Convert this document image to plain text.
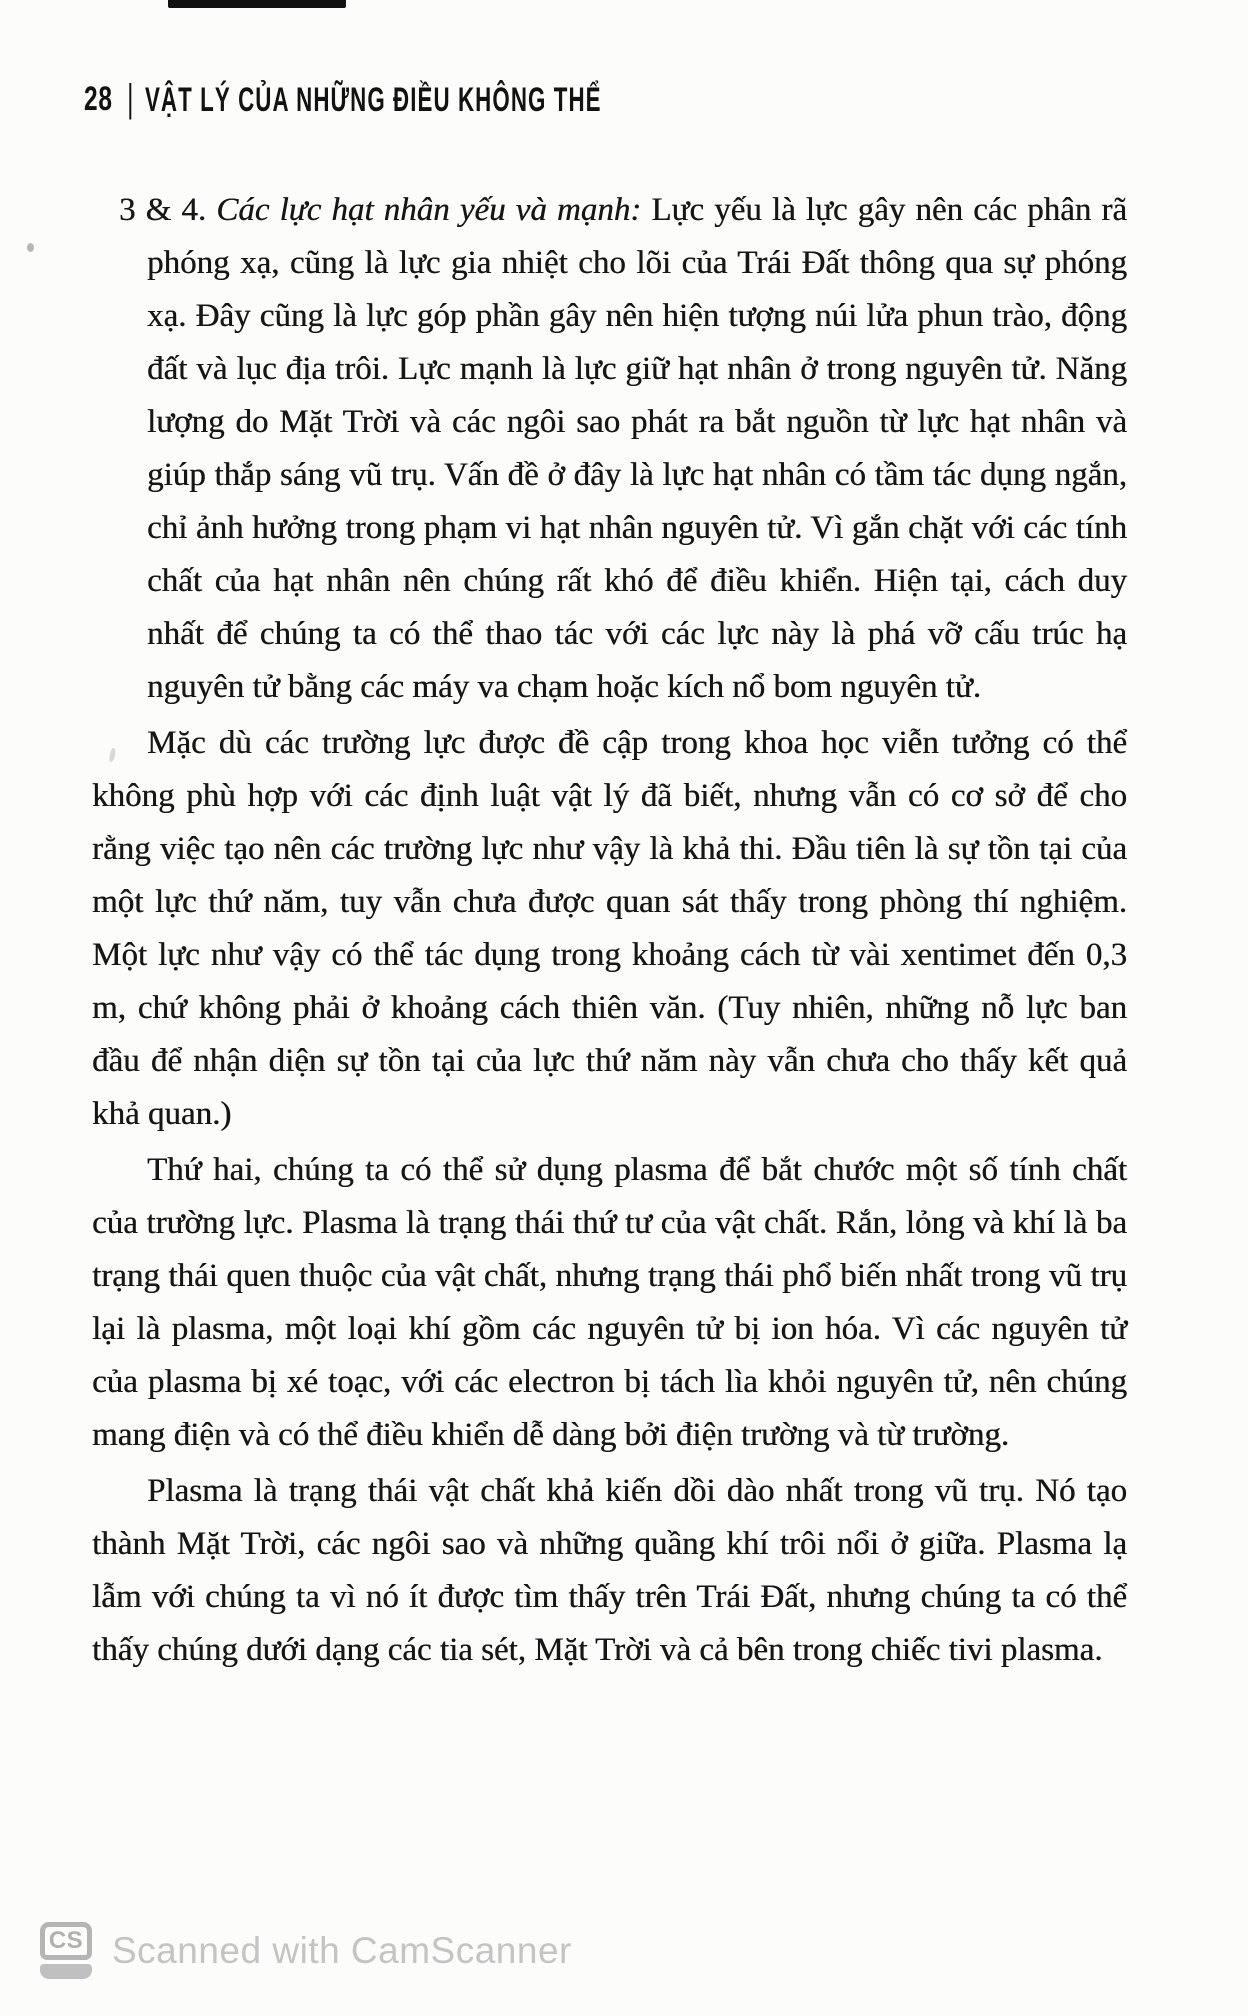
28 | VẬT LÝ CỦA NHỮNG ĐIỀU KHÔNG THỂ

3 & 4. Các lực hạt nhân yếu và mạnh: Lực yếu là lực gây nên các phân rã phóng xạ, cũng là lực gia nhiệt cho lõi của Trái Đất thông qua sự phóng xạ. Đây cũng là lực góp phần gây nên hiện tượng núi lửa phun trào, động đất và lục địa trôi. Lực mạnh là lực giữ hạt nhân ở trong nguyên tử. Năng lượng do Mặt Trời và các ngôi sao phát ra bắt nguồn từ lực hạt nhân và giúp thắp sáng vũ trụ. Vấn đề ở đây là lực hạt nhân có tầm tác dụng ngắn, chỉ ảnh hưởng trong phạm vi hạt nhân nguyên tử. Vì gắn chặt với các tính chất của hạt nhân nên chúng rất khó để điều khiển. Hiện tại, cách duy nhất để chúng ta có thể thao tác với các lực này là phá vỡ cấu trúc hạ nguyên tử bằng các máy va chạm hoặc kích nổ bom nguyên tử.

Mặc dù các trường lực được đề cập trong khoa học viễn tưởng có thể không phù hợp với các định luật vật lý đã biết, nhưng vẫn có cơ sở để cho rằng việc tạo nên các trường lực như vậy là khả thi. Đầu tiên là sự tồn tại của một lực thứ năm, tuy vẫn chưa được quan sát thấy trong phòng thí nghiệm. Một lực như vậy có thể tác dụng trong khoảng cách từ vài xentimet đến 0,3 m, chứ không phải ở khoảng cách thiên văn. (Tuy nhiên, những nỗ lực ban đầu để nhận diện sự tồn tại của lực thứ năm này vẫn chưa cho thấy kết quả khả quan.)

Thứ hai, chúng ta có thể sử dụng plasma để bắt chước một số tính chất của trường lực. Plasma là trạng thái thứ tư của vật chất. Rắn, lỏng và khí là ba trạng thái quen thuộc của vật chất, nhưng trạng thái phổ biến nhất trong vũ trụ lại là plasma, một loại khí gồm các nguyên tử bị ion hóa. Vì các nguyên tử của plasma bị xé toạc, với các electron bị tách lìa khỏi nguyên tử, nên chúng mang điện và có thể điều khiển dễ dàng bởi điện trường và từ trường.

Plasma là trạng thái vật chất khả kiến dồi dào nhất trong vũ trụ. Nó tạo thành Mặt Trời, các ngôi sao và những quầng khí trôi nổi ở giữa. Plasma lạ lẫm với chúng ta vì nó ít được tìm thấy trên Trái Đất, nhưng chúng ta có thể thấy chúng dưới dạng các tia sét, Mặt Trời và cả bên trong chiếc tivi plasma.

CS Scanned with CamScanner
